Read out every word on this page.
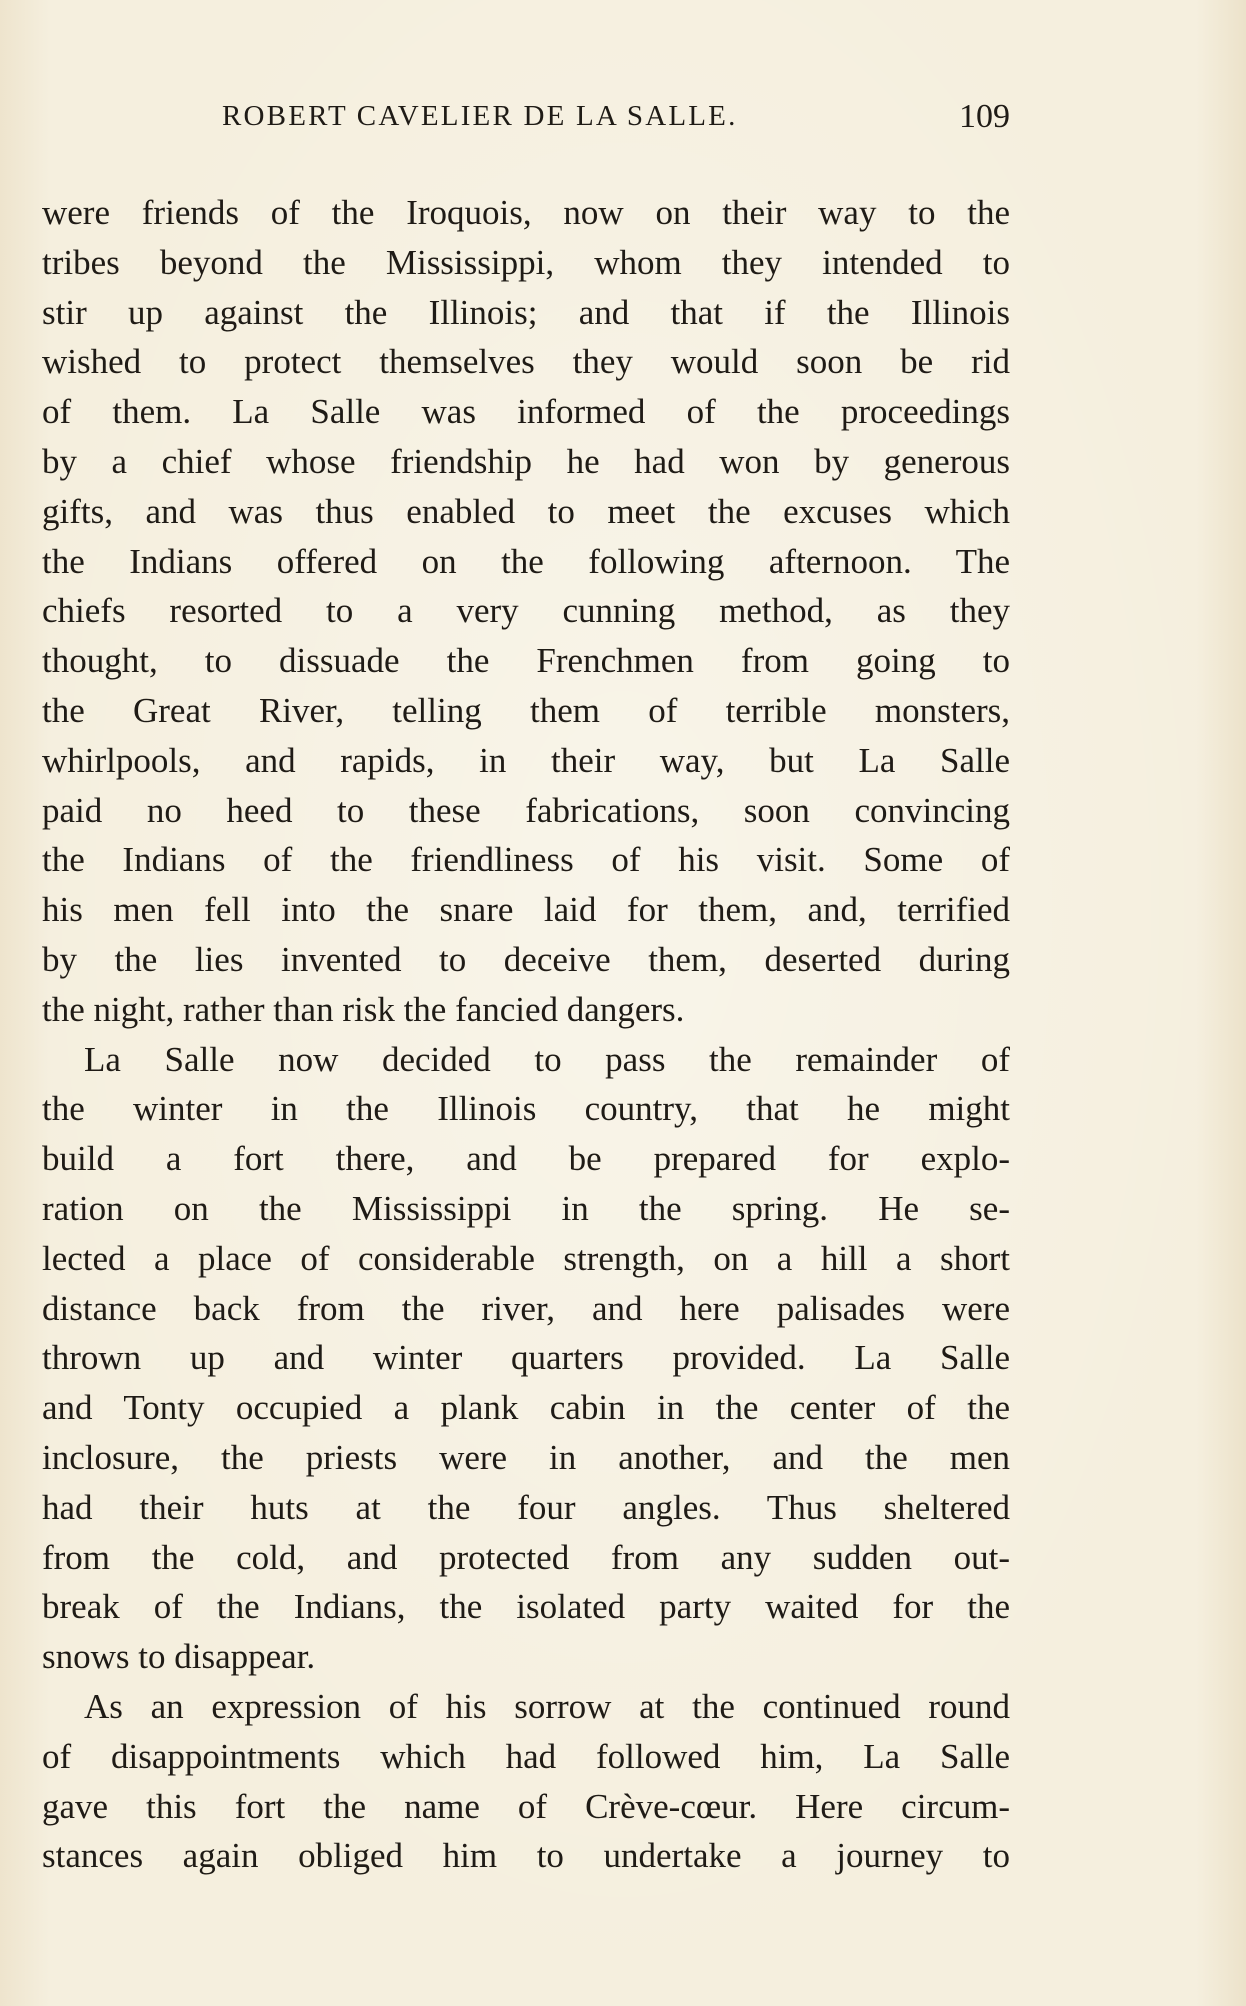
ROBERT CAVELIER DE LA SALLE.	109
were friends of the Iroquois, now on their way to the
tribes beyond the Mississippi, whom they intended to
stir up against the Illinois; and that if the Illinois
wished to protect themselves they would soon be rid
of them. La Salle was informed of the proceedings
by a chief whose friendship he had won by generous
gifts, and was thus enabled to meet the excuses which
the Indians offered on the following afternoon. The
chiefs resorted to a very cunning method, as they
thought, to dissuade the Frenchmen from going to
the Great River, telling them of terrible monsters,
whirlpools, and rapids, in their way, but La Salle
paid no heed to these fabrications, soon convincing
the Indians of the friendliness of his visit. Some of
his men fell into the snare laid for them, and, terrified
by the lies invented to deceive them, deserted during
the night, rather than risk the fancied dangers.
La Salle now decided to pass the remainder of
the winter in the Illinois country, that he might
build a fort there, and be prepared for explo-
ration on the Mississippi in the spring. He se-
lected a place of considerable strength, on a hill a short
distance back from the river, and here palisades were
thrown up and winter quarters provided. La Salle
and Tonty occupied a plank cabin in the center of the
inclosure, the priests were in another, and the men
had their huts at the four angles. Thus sheltered
from the cold, and protected from any sudden out-
break of the Indians, the isolated party waited for the
snows to disappear.
As an expression of his sorrow at the continued round
of disappointments which had followed him, La Salle
gave this fort the name of Crève-cœur. Here circum-
stances again obliged him to undertake a journey to
